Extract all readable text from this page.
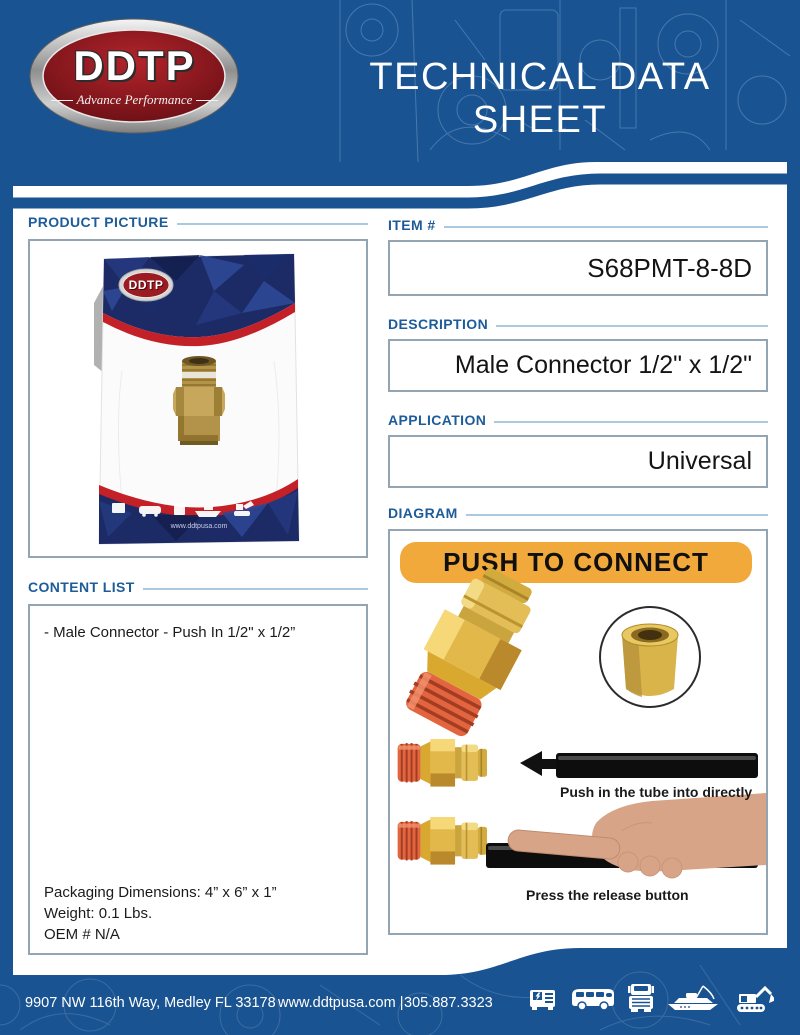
DDTP
Advance Performance
TECHNICAL DATA SHEET
PRODUCT PICTURE
DDTP
www.ddtpusa.com
CONTENT LIST
- Male Connector - Push In 1/2" x 1/2”
Packaging Dimensions: 4” x 6” x 1”
Weight: 0.1 Lbs.
OEM # N/A
ITEM #
S68PMT-8-8D
DESCRIPTION
Male Connector 1/2" x 1/2"
APPLICATION
Universal
DIAGRAM
PUSH TO CONNECT
Push in the tube into directly
Press the release button
9907 NW 116th Way, Medley FL 33178 www.ddtpusa.com | 305.887.3323
